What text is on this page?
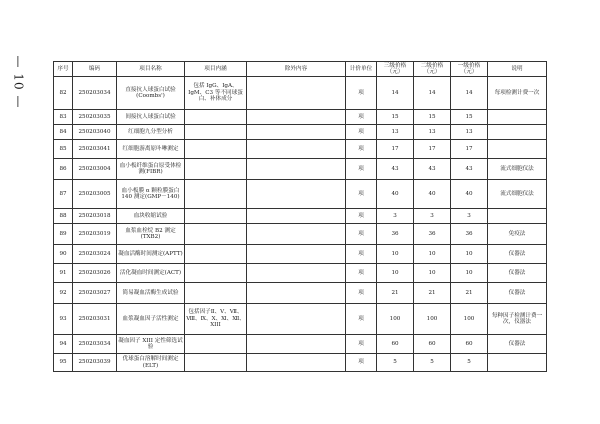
— 10 —	序号	编码	项目名称	项目内涵	除外内容	计价单位	三级价格（元）	二级价格（元）	一级价格（元）	说明
82	250203034	直接抗人球蛋白试验(Coombs')	包括 IgG、IgA、IgM、C3 等不同球蛋白、补体成分		项	14	14	14	每项检测计费一次
83	250203035	间接抗人球蛋白试验			项	15	15	15	
84	250203040	红细胞九分型分析			项	13	13	13	
85	250203041	红细胞游离原卟啉测定			项	17	17	17	
86	250203004	血小板纤维蛋白原受体检测(FIBR)			项	43	43	43	流式细胞仪法
87	250203005	血小板膜 α 颗粒膜蛋白 140 测定(GMP－140)			项	40	40	40	流式细胞仪法
88	250203018	血块收缩试验			项	3	3	3	
89	250203019	血浆血栓烷 B2 测定(TXB2)			项	36	36	36	免疫法
90	250203024	凝血活酶时间测定(APTT)			项	10	10	10	仪器法
91	250203026	活化凝血时间测定(ACT)			项	10	10	10	仪器法
92	250203027	简易凝血活酶生成试验			项	21	21	21	仪器法
93	250203031	血浆凝血因子活性测定	包括因子Ⅱ、Ⅴ、Ⅶ、Ⅷ、Ⅸ、Ⅹ、Ⅺ、Ⅻ、XIII		项	100	100	100	每种因子检测计费一次，仪器法
94	250203034	凝血因子 XIII 定性筛选试验			项	60	60	60	仪器法
95	250203039	优球蛋白溶解时间测定(ELT)			项	5	5	5	
